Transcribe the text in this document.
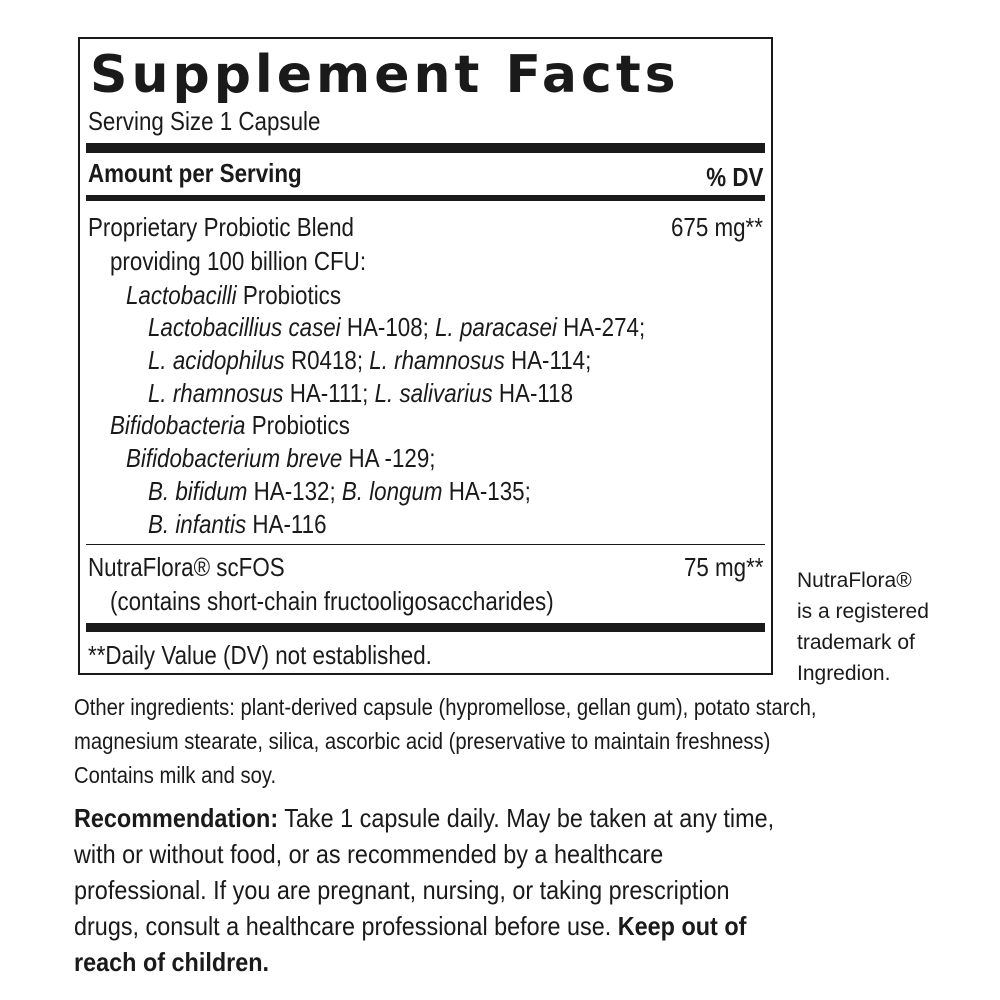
Supplement Facts
Serving Size 1 Capsule
Amount per Serving	% DV
Proprietary Probiotic Blend	675 mg**
providing 100 billion CFU:
Lactobacilli Probiotics
Lactobacillius casei HA-108; L. paracasei HA-274;
L. acidophilus R0418; L. rhamnosus HA-114;
L. rhamnosus HA-111; L. salivarius HA-118
Bifidobacteria Probiotics
Bifidobacterium breve HA -129;
B. bifidum HA-132; B. longum HA-135;
B. infantis HA-116
NutraFlora® scFOS	75 mg**
(contains short-chain fructooligosaccharides)
**Daily Value (DV) not established.
NutraFlora®
is a registered
trademark of
Ingredion.
Other ingredients: plant-derived capsule (hypromellose, gellan gum), potato starch,
magnesium stearate, silica, ascorbic acid (preservative to maintain freshness)
Contains milk and soy.
Recommendation: Take 1 capsule daily. May be taken at any time,
with or without food, or as recommended by a healthcare
professional. If you are pregnant, nursing, or taking prescription
drugs, consult a healthcare professional before use. Keep out of
reach of children.
